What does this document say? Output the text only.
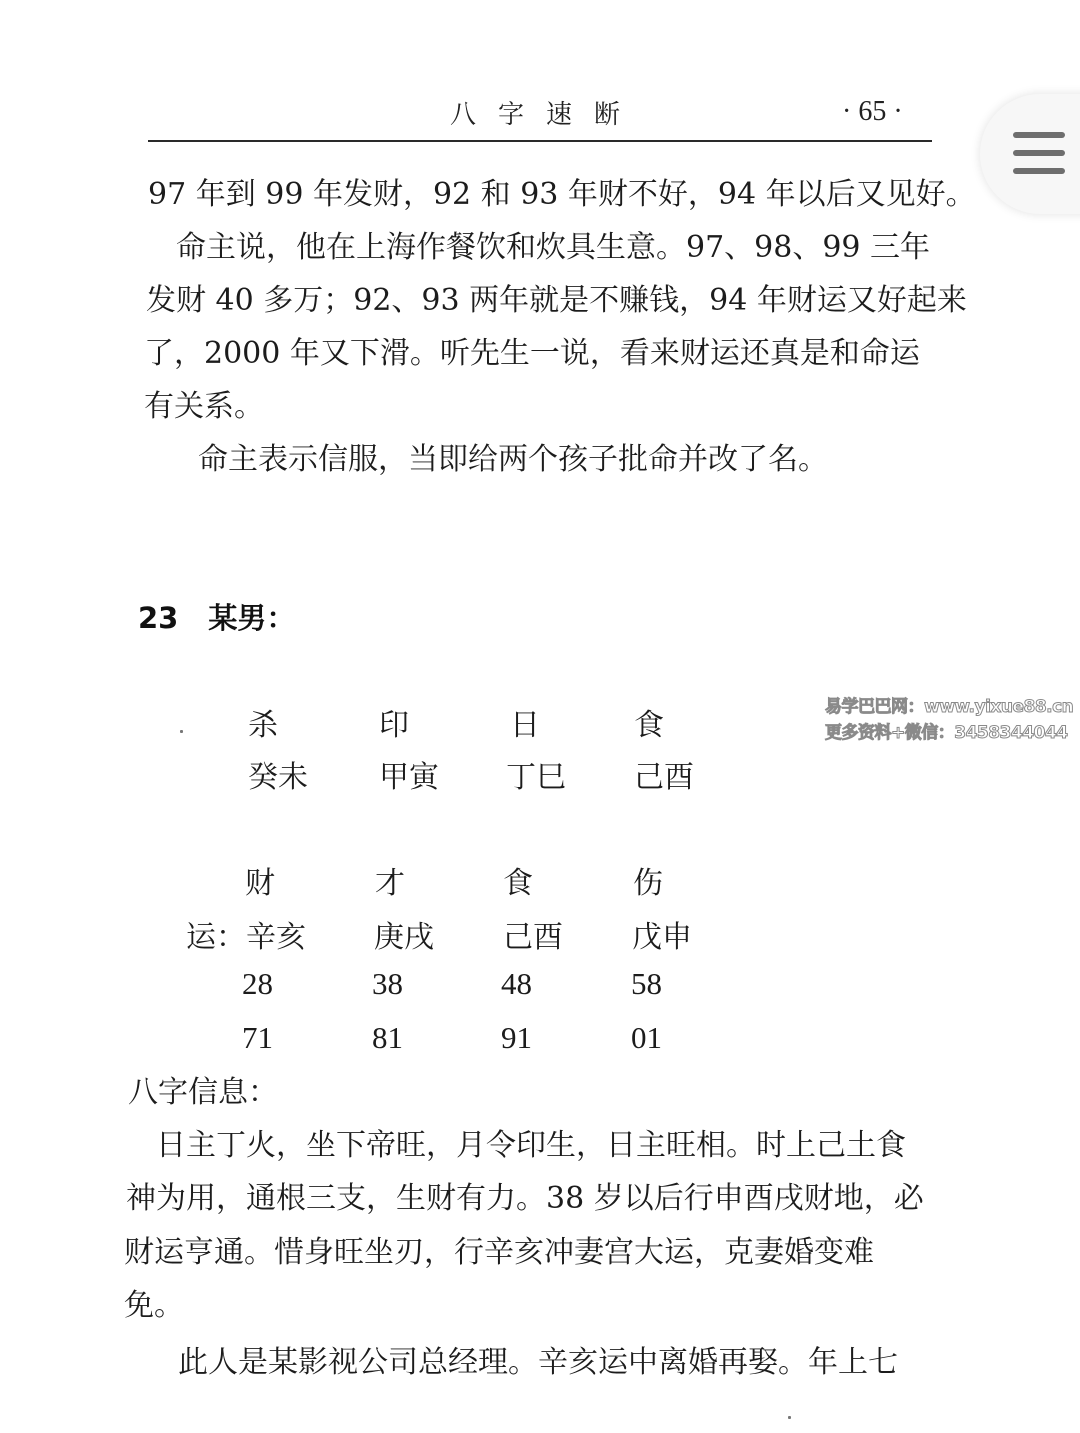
八字速断	· 65 ·
97 年到 99 年发财，92 和 93 年财不好，94 年以后又见好。
　命主说，他在上海作餐饮和炊具生意。97、98、99 三年
发财 40 多万；92、93 两年就是不赚钱，94 年财运又好起来
了，2000 年又下滑。听先生一说，看来财运还真是和命运
有关系。
　命主表示信服，当即给两个孩子批命并改了名。
23 某男：
杀	印	日	食
癸未 甲寅 丁巳 己酉
易学巴巴网：www.yixue88.cn
更多资料+微信：3458344044
财	才	食	伤
运： 辛亥 庚戌 己酉 戊申
28	38	48	58
71	81	91	01
八字信息：
　日主丁火，坐下帝旺，月令印生，日主旺相。时上己土食
神为用，通根三支，生财有力。38 岁以后行申酉戌财地，必
财运亨通。惜身旺坐刃，行辛亥冲妻宫大运，克妻婚变难
免。
　此人是某影视公司总经理。辛亥运中离婚再娶。年上七
